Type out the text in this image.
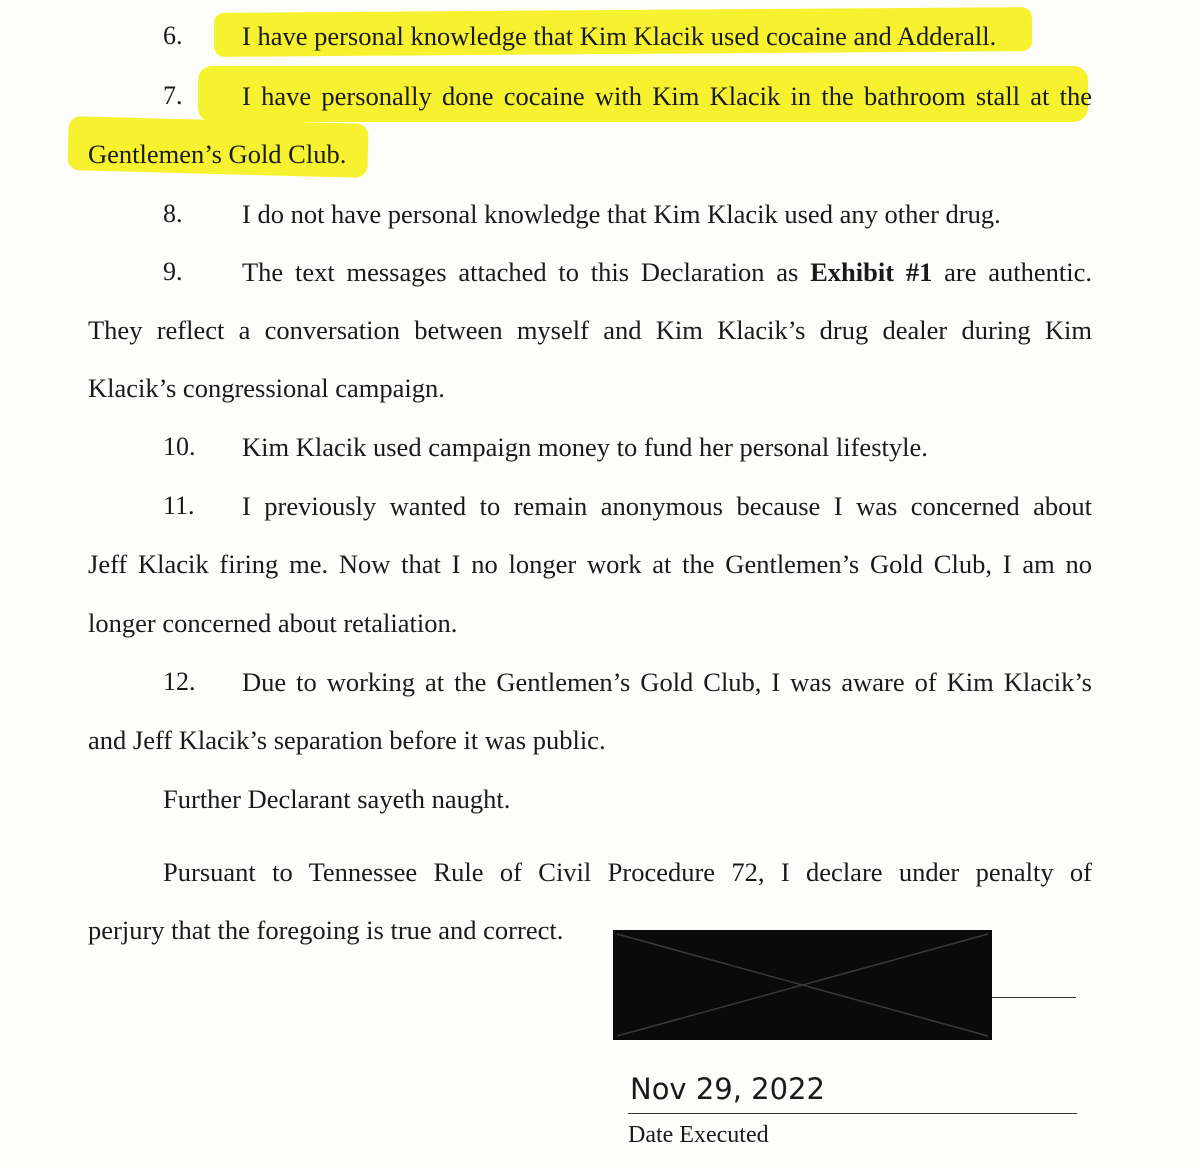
6. I have personal knowledge that Kim Klacik used cocaine and Adderall.
7. I have personally done cocaine with Kim Klacik in the bathroom stall at the
Gentlemen’s Gold Club.
8. I do not have personal knowledge that Kim Klacik used any other drug.
9. The text messages attached to this Declaration as Exhibit #1 are authentic.
They reflect a conversation between myself and Kim Klacik’s drug dealer during Kim
Klacik’s congressional campaign.
10. Kim Klacik used campaign money to fund her personal lifestyle.
11. I previously wanted to remain anonymous because I was concerned about
Jeff Klacik firing me. Now that I no longer work at the Gentlemen’s Gold Club, I am no
longer concerned about retaliation.
12. Due to working at the Gentlemen’s Gold Club, I was aware of Kim Klacik’s
and Jeff Klacik’s separation before it was public.
Further Declarant sayeth naught.
Pursuant to Tennessee Rule of Civil Procedure 72, I declare under penalty of
perjury that the foregoing is true and correct.
Nov 29, 2022
Date Executed
